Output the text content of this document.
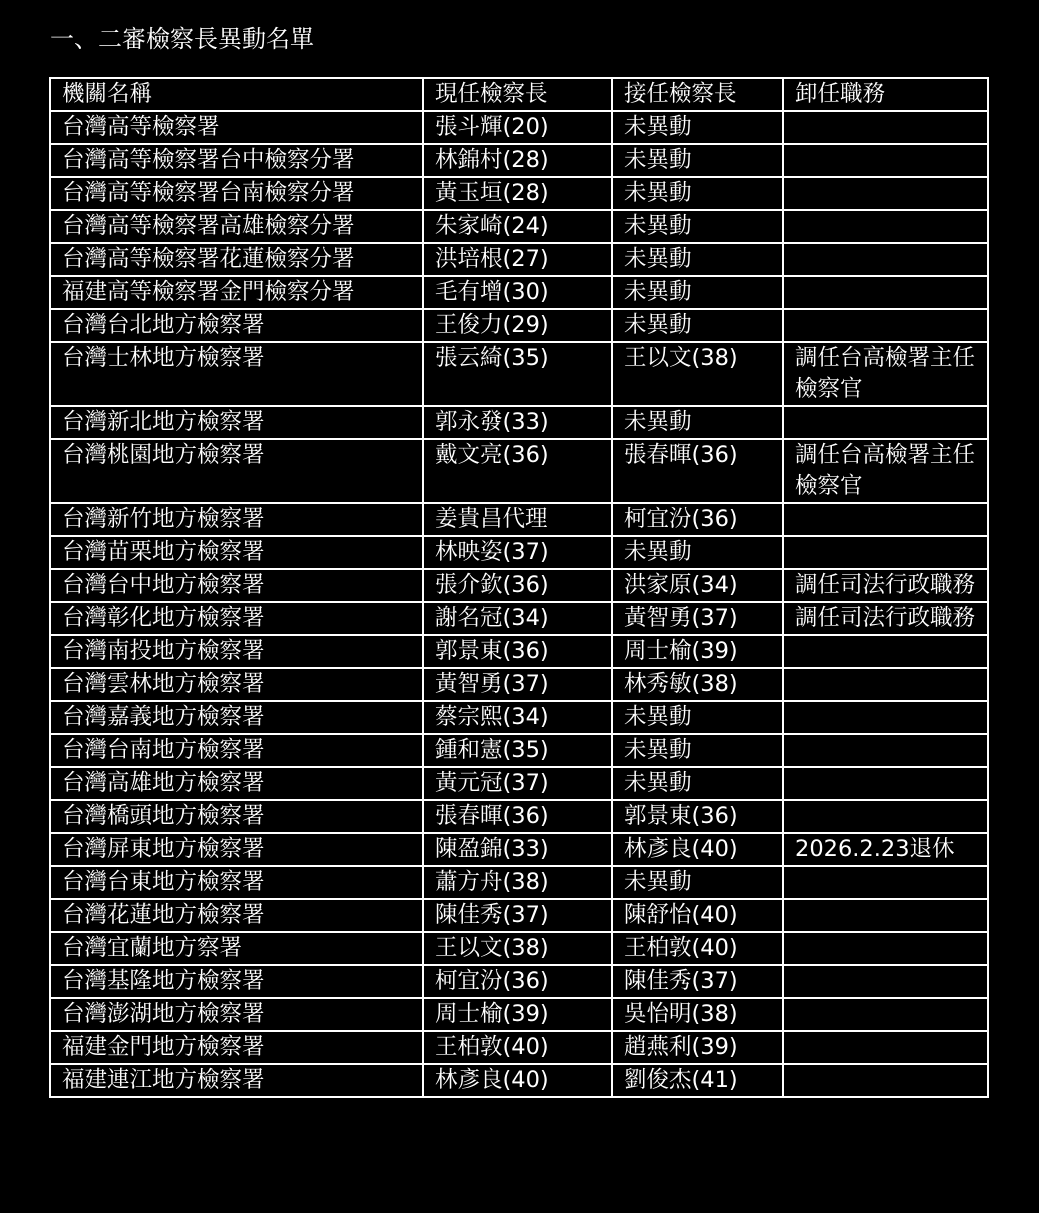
一、二審檢察長異動名單
機關名稱	現任檢察長	接任檢察長	卸任職務
台灣高等檢察署	張斗輝(20)	未異動	
台灣高等檢察署台中檢察分署	林錦村(28)	未異動	
台灣高等檢察署台南檢察分署	黃玉垣(28)	未異動	
台灣高等檢察署高雄檢察分署	朱家崎(24)	未異動	
台灣高等檢察署花蓮檢察分署	洪培根(27)	未異動	
福建高等檢察署金門檢察分署	毛有增(30)	未異動	
台灣台北地方檢察署	王俊力(29)	未異動	
台灣士林地方檢察署	張云綺(35)	王以文(38)	調任台高檢署主任檢察官
台灣新北地方檢察署	郭永發(33)	未異動	
台灣桃園地方檢察署	戴文亮(36)	張春暉(36)	調任台高檢署主任檢察官
台灣新竹地方檢察署	姜貴昌代理	柯宜汾(36)	
台灣苗栗地方檢察署	林映姿(37)	未異動	
台灣台中地方檢察署	張介欽(36)	洪家原(34)	調任司法行政職務
台灣彰化地方檢察署	謝名冠(34)	黃智勇(37)	調任司法行政職務
台灣南投地方檢察署	郭景東(36)	周士榆(39)	
台灣雲林地方檢察署	黃智勇(37)	林秀敏(38)	
台灣嘉義地方檢察署	蔡宗熙(34)	未異動	
台灣台南地方檢察署	鍾和憲(35)	未異動	
台灣高雄地方檢察署	黃元冠(37)	未異動	
台灣橋頭地方檢察署	張春暉(36)	郭景東(36)	
台灣屏東地方檢察署	陳盈錦(33)	林彥良(40)	2026.2.23退休
台灣台東地方檢察署	蕭方舟(38)	未異動	
台灣花蓮地方檢察署	陳佳秀(37)	陳舒怡(40)	
台灣宜蘭地方察署	王以文(38)	王柏敦(40)	
台灣基隆地方檢察署	柯宜汾(36)	陳佳秀(37)	
台灣澎湖地方檢察署	周士榆(39)	吳怡明(38)	
福建金門地方檢察署	王柏敦(40)	趙燕利(39)	
福建連江地方檢察署	林彥良(40)	劉俊杰(41)	
